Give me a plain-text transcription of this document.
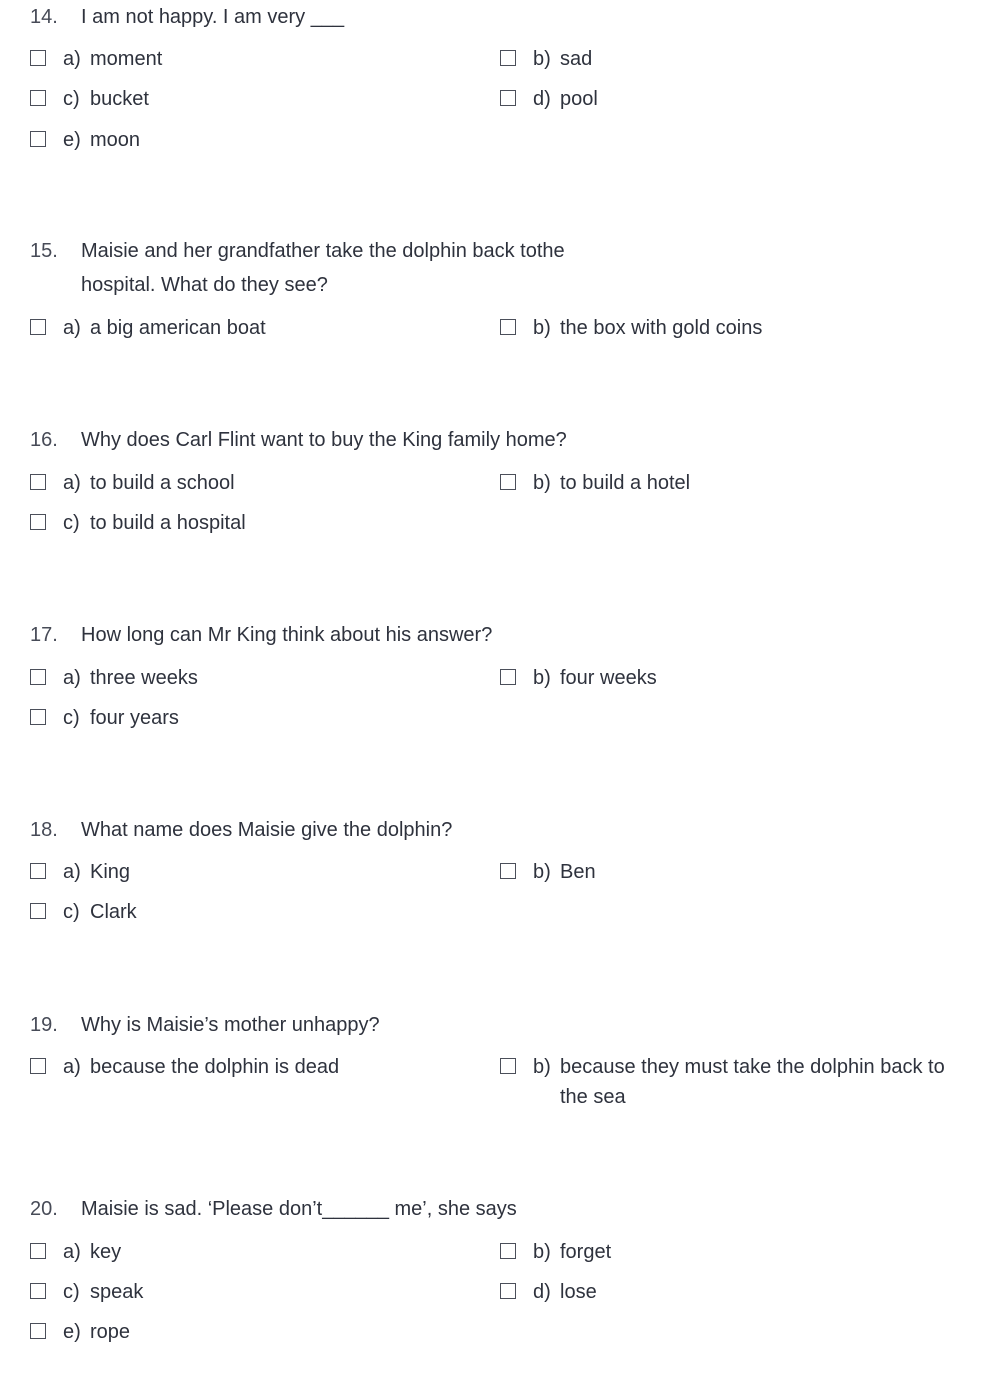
14.	I am not happy. I am very ___
a) moment	b) sad
c) bucket	d) pool
e) moon
15.	Maisie and her grandfather take the dolphin back tothe hospital. What do they see?
a) a big american boat	b) the box with gold coins
16.	Why does Carl Flint want to buy the King family home?
a) to build a school	b) to build a hotel
c) to build a hospital
17.	How long can Mr King think about his answer?
a) three weeks	b) four weeks
c) four years
18.	What name does Maisie give the dolphin?
a) King	b) Ben
c) Clark
19.	Why is Maisie’s mother unhappy?
a) because the dolphin is dead	b) because they must take the dolphin back to the sea
20.	Maisie is sad. ‘Please don’t______ me’, she says
a) key	b) forget
c) speak	d) lose
e) rope
